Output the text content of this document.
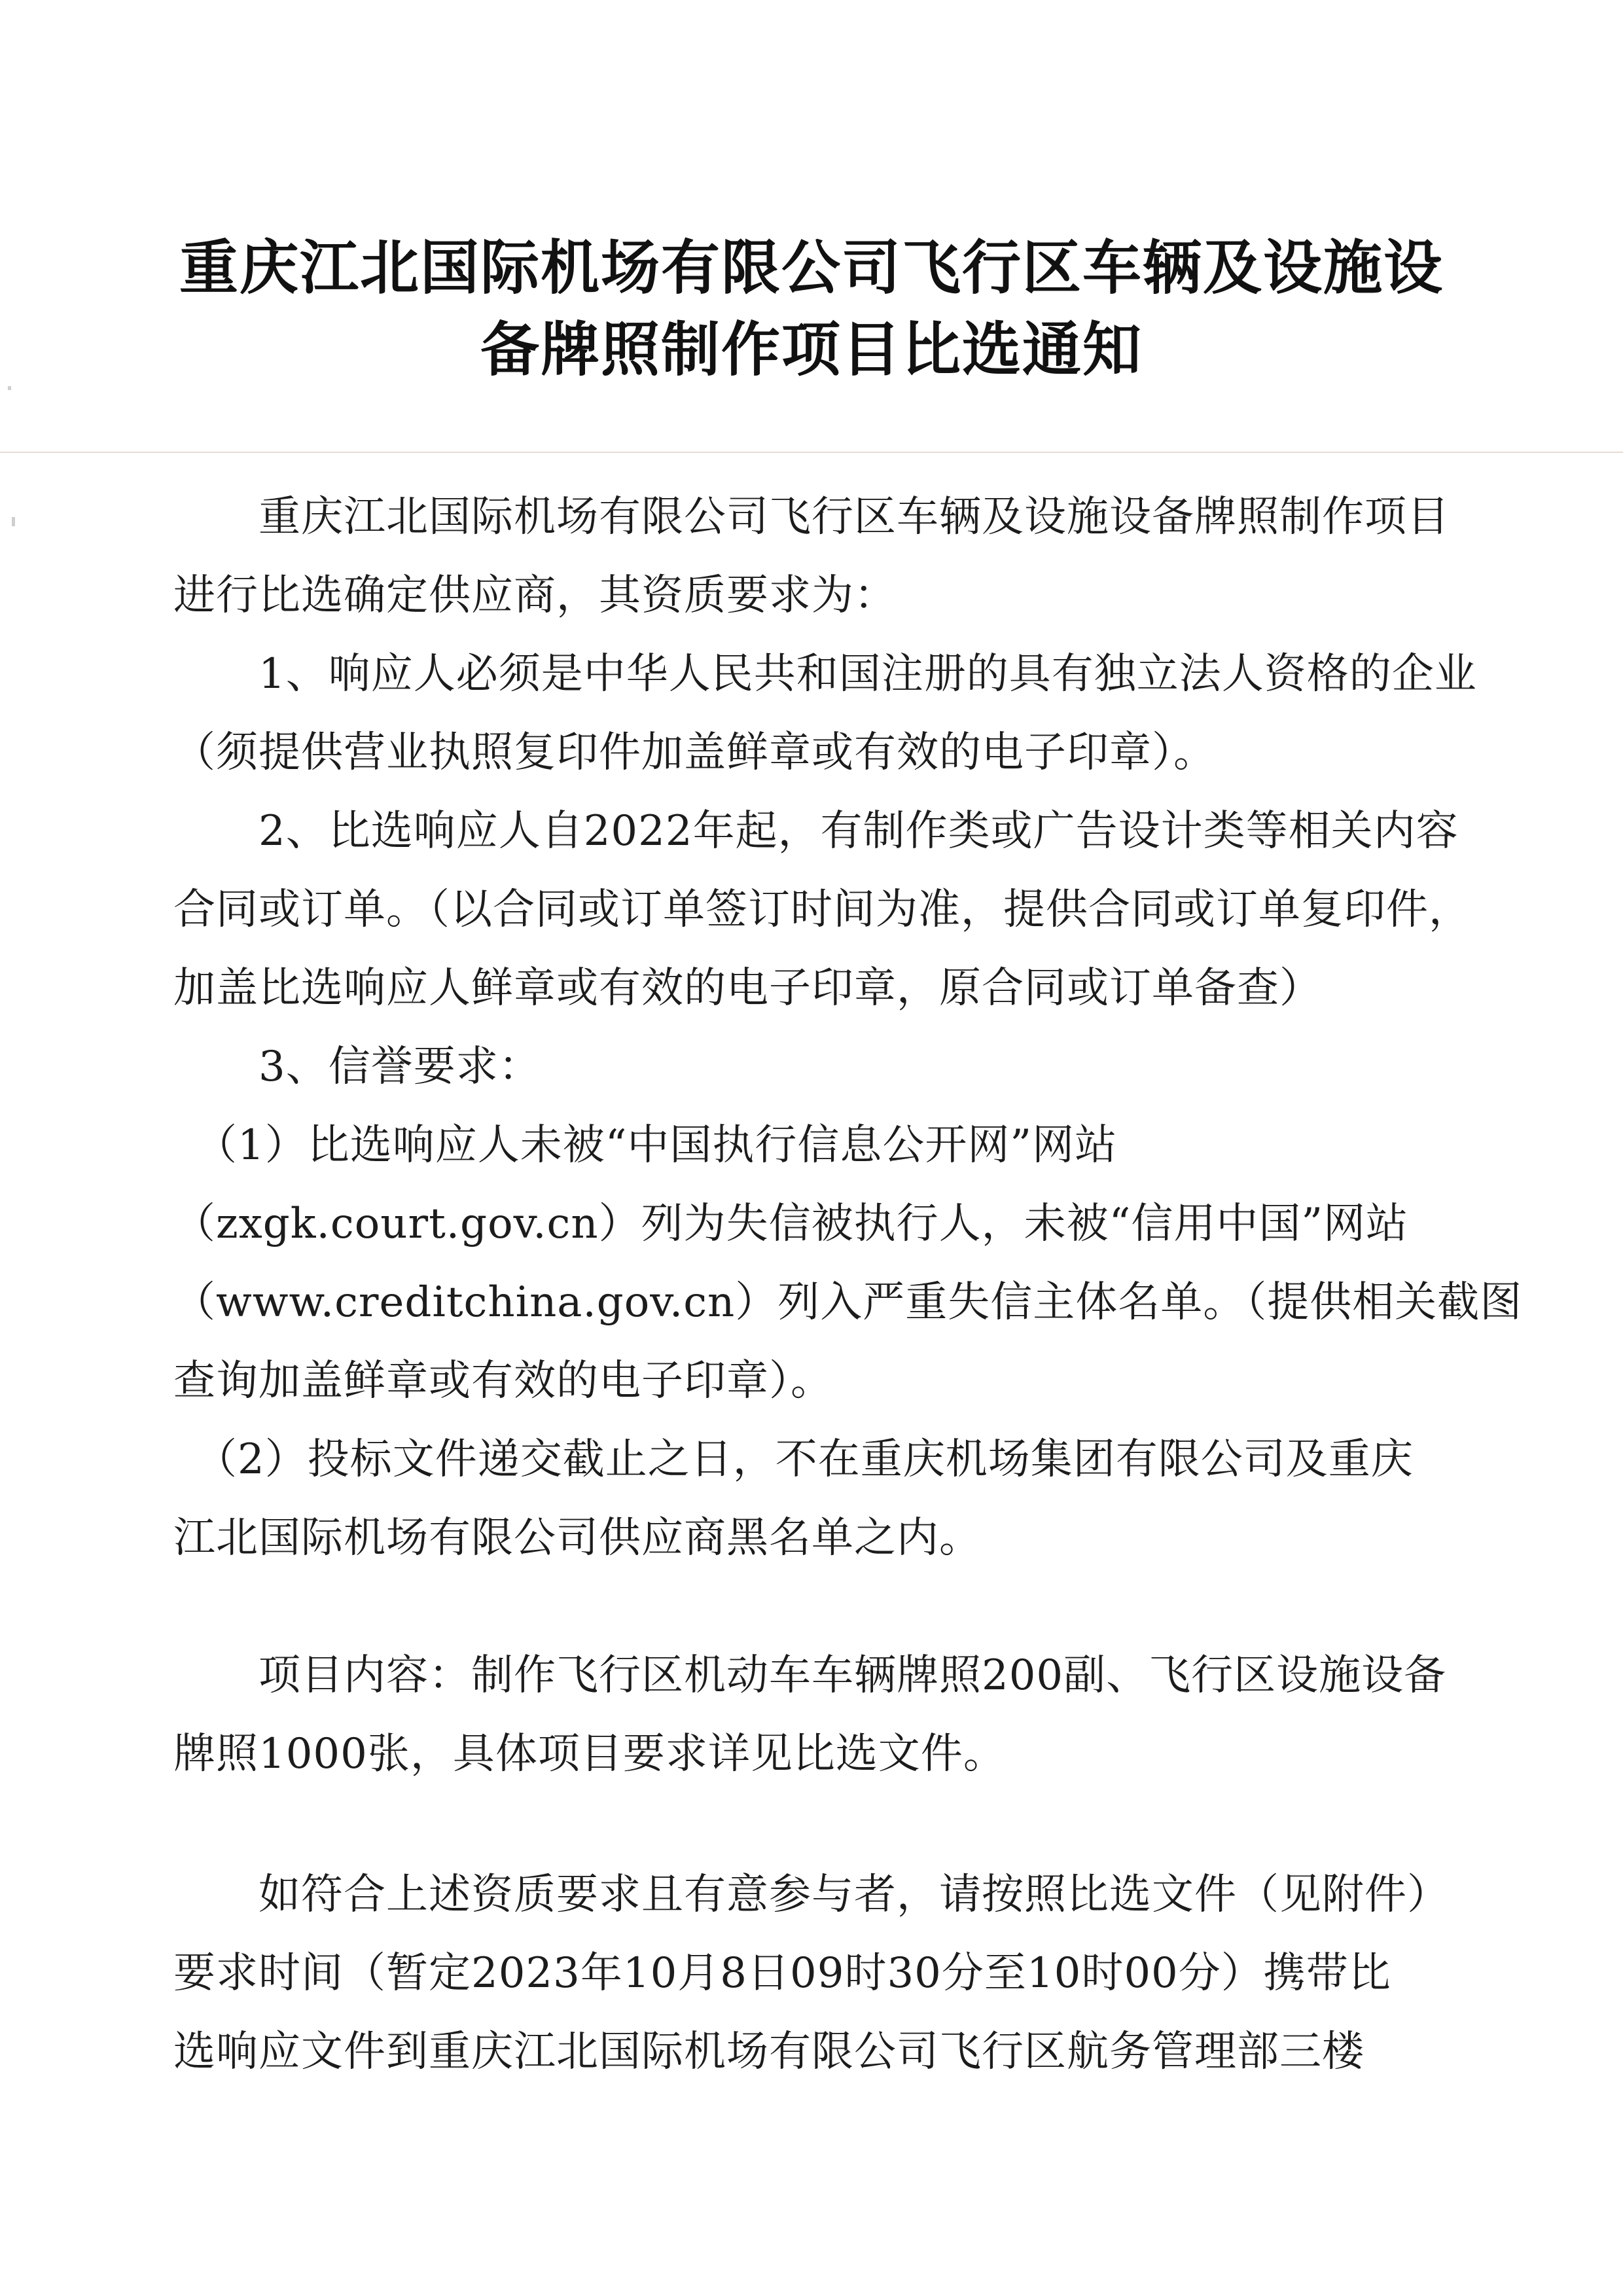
重庆江北国际机场有限公司飞行区车辆及设施设
备牌照制作项目比选通知
　　重庆江北国际机场有限公司飞行区车辆及设施设备牌照制作项目
进行比选确定供应商，其资质要求为：
　　1、响应人必须是中华人民共和国注册的具有独立法人资格的企业
（须提供营业执照复印件加盖鲜章或有效的电子印章）。
　　2、比选响应人自2022年起，有制作类或广告设计类等相关内容
合同或订单。（以合同或订单签订时间为准，提供合同或订单复印件，
加盖比选响应人鲜章或有效的电子印章，原合同或订单备查）
　　3、信誉要求：
　（1）比选响应人未被“中国执行信息公开网”网站
（zxgk.court.gov.cn）列为失信被执行人，未被“信用中国”网站
（www.creditchina.gov.cn）列入严重失信主体名单。（提供相关截图
查询加盖鲜章或有效的电子印章）。
　（2）投标文件递交截止之日，不在重庆机场集团有限公司及重庆
江北国际机场有限公司供应商黑名单之内。
　　项目内容：制作飞行区机动车车辆牌照200副、飞行区设施设备
牌照1000张，具体项目要求详见比选文件。
　　如符合上述资质要求且有意参与者，请按照比选文件（见附件）
要求时间（暂定2023年10月8日09时30分至10时00分）携带比
选响应文件到重庆江北国际机场有限公司飞行区航务管理部三楼
